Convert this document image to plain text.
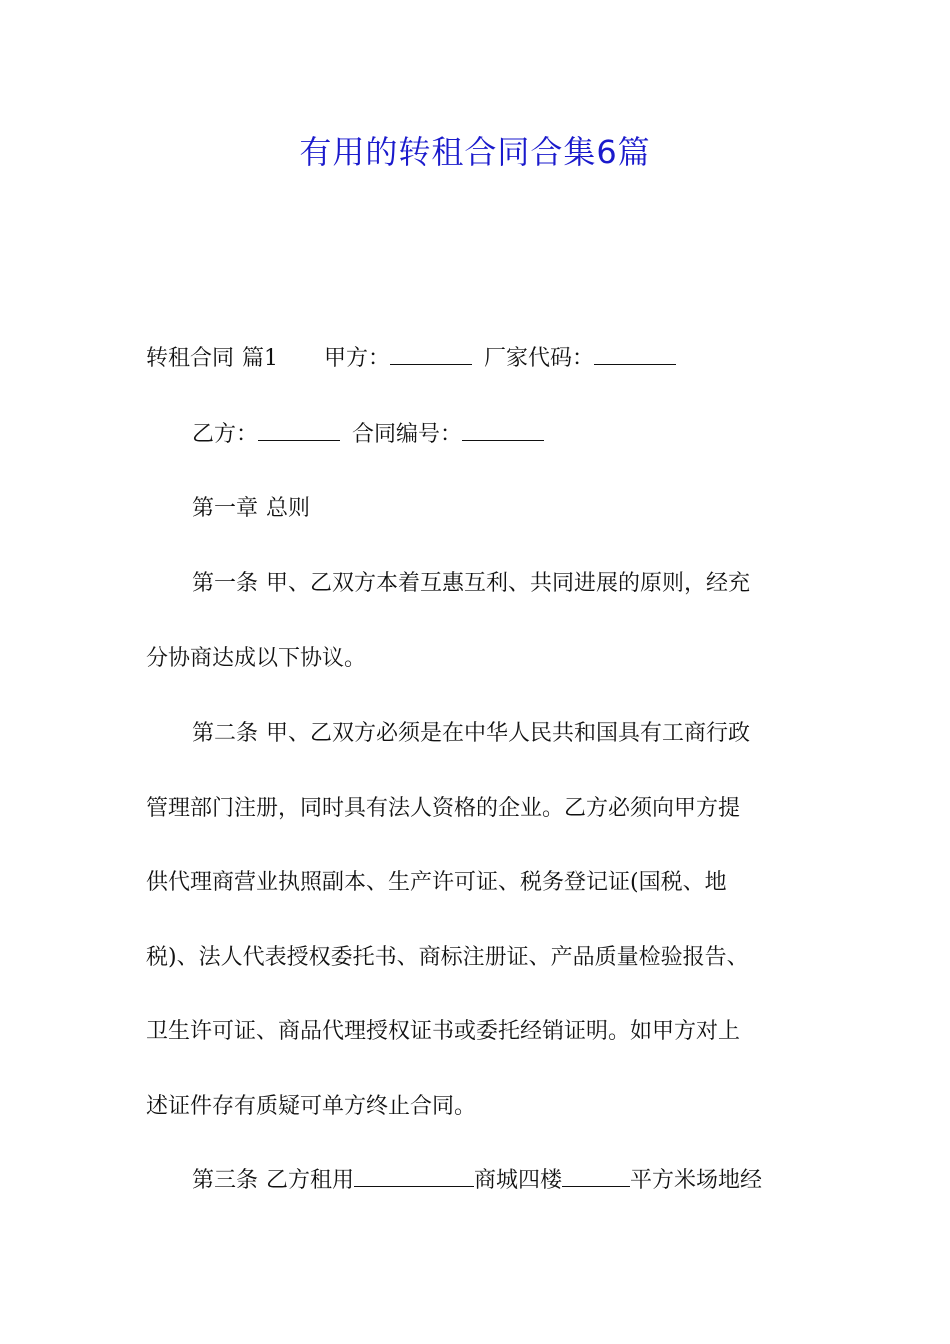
有用的转租合同合集6篇
转租合同 篇1 甲方：	厂家代码：
乙方：	合同编号：
第一章 总则
第一条 甲、乙双方本着互惠互利、共同进展的原则，经充
分协商达成以下协议。
第二条 甲、乙双方必须是在中华人民共和国具有工商行政
管理部门注册，同时具有法人资格的企业。乙方必须向甲方提
供代理商营业执照副本、生产许可证、税务登记证(国税、地
税)、法人代表授权委托书、商标注册证、产品质量检验报告、
卫生许可证、商品代理授权证书或委托经销证明。如甲方对上
述证件存有质疑可单方终止合同。
第三条 乙方租用	商城四楼	平方米场地经
